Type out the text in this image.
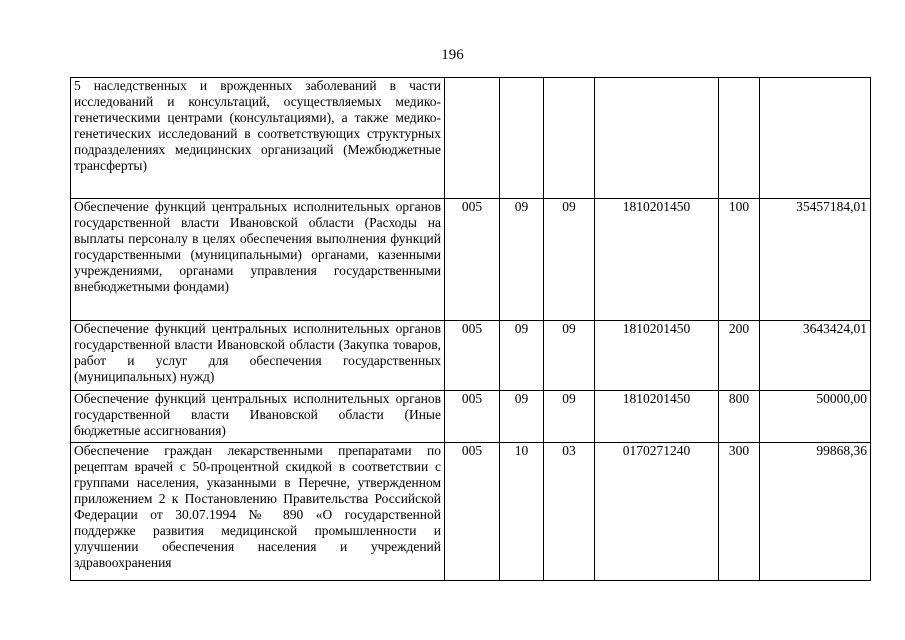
196
5 наследственных и врожденных заболеваний в части исследований и консультаций, осуществляемых медико-генетическими центрами (консультациями), а также медико-генетических исследований в соответствующих структурных подразделениях медицинских организаций (Межбюджетные трансферты)						
Обеспечение функций центральных исполнительных органов государственной власти Ивановской области (Расходы на выплаты персоналу в целях обеспечения выполнения функций государственными (муниципальными) органами, казенными учреждениями, органами управления государственными внебюджетными фондами)	005	09	09	1810201450	100	35457184,01
Обеспечение функций центральных исполнительных органов государственной власти Ивановской области (Закупка товаров, работ и услуг для обеспечения государственных (муниципальных) нужд)	005	09	09	1810201450	200	3643424,01
Обеспечение функций центральных исполнительных органов государственной власти Ивановской области (Иные бюджетные ассигнования)	005	09	09	1810201450	800	50000,00
Обеспечение граждан лекарственными препаратами по рецептам врачей с 50-процентной скидкой в соответствии с группами населения, указанными в Перечне, утвержденном приложением 2 к Постановлению Правительства Российской Федерации от 30.07.1994 № 890 «О государственной поддержке развития медицинской промышленности и улучшении обеспечения населения и учреждений здравоохранения	005	10	03	0170271240	300	99868,36
